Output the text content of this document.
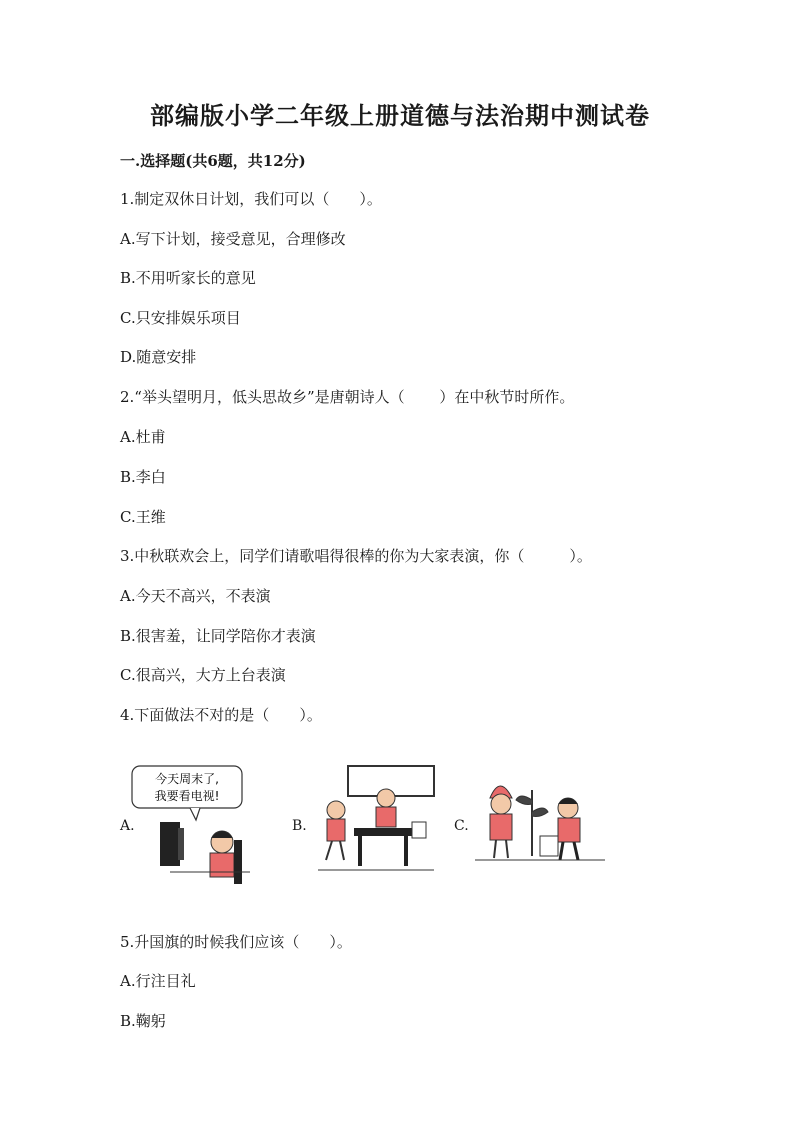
部编版小学二年级上册道德与法治期中测试卷
一.选择题(共6题，共12分)
1.制定双休日计划，我们可以（　　）。
A.写下计划，接受意见，合理修改
B.不用听家长的意见
C.只安排娱乐项目
D.随意安排
2.“举头望明月，低头思故乡”是唐朝诗人（　　 ）在中秋节时所作。
A.杜甫
B.李白
C.王维
3.中秋联欢会上，同学们请歌唱得很棒的你为大家表演，你（　　　）。
A.今天不高兴，不表演
B.很害羞，让同学陪你才表演
C.很高兴，大方上台表演
4.下面做法不对的是（　　）。
A.
今天周末了,
我要看电视!
B.	C.
5.升国旗的时候我们应该（　　）。
A.行注目礼
B.鞠躬
